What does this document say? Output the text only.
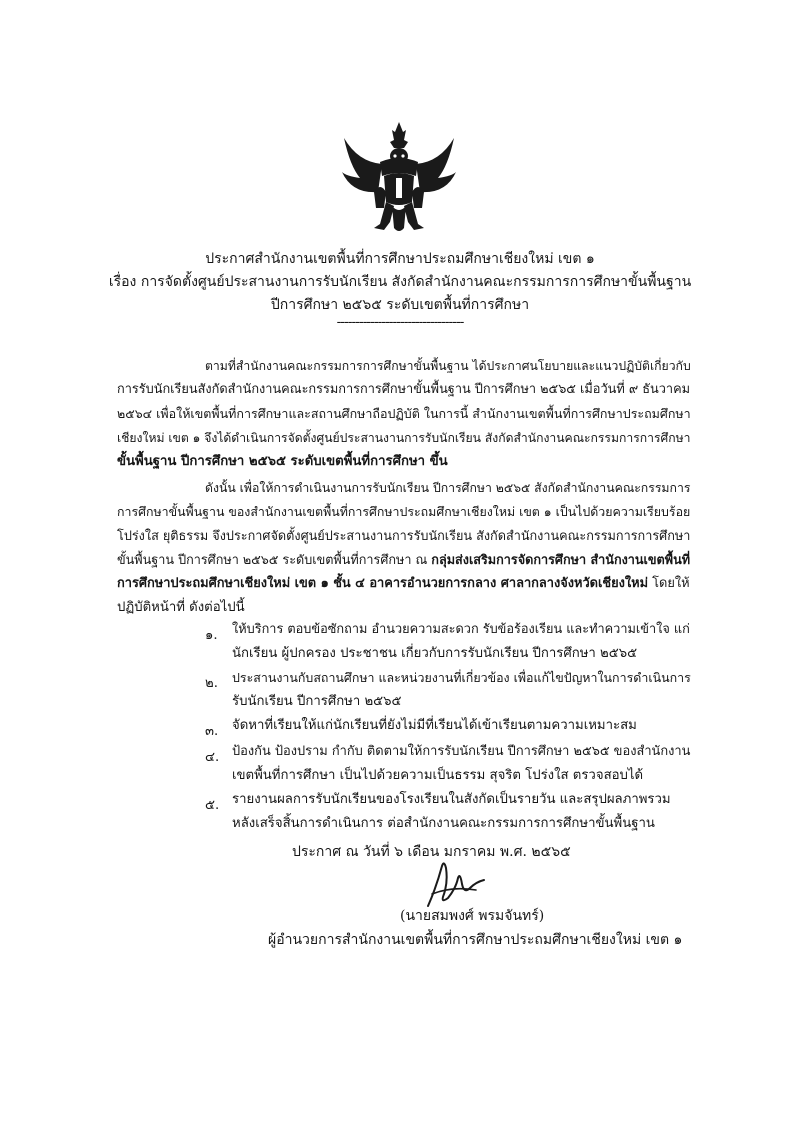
ประกาศสำนักงานเขตพื้นที่การศึกษาประถมศึกษาเชียงใหม่ เขต ๑
เรื่อง การจัดตั้งศูนย์ประสานงานการรับนักเรียน สังกัดสำนักงานคณะกรรมการการศึกษาขั้นพื้นฐาน
ปีการศึกษา ๒๕๖๕ ระดับเขตพื้นที่การศึกษา
----------------------------------
ตามที่สำนักงานคณะกรรมการการศึกษาขั้นพื้นฐาน ได้ประกาศนโยบายและแนวปฏิบัติเกี่ยวกับ
การรับนักเรียนสังกัดสำนักงานคณะกรรมการการศึกษาขั้นพื้นฐาน ปีการศึกษา ๒๕๖๕ เมื่อวันที่ ๙ ธันวาคม
๒๕๖๔ เพื่อให้เขตพื้นที่การศึกษาและสถานศึกษาถือปฏิบัติ ในการนี้ สำนักงานเขตพื้นที่การศึกษาประถมศึกษา
เชียงใหม่ เขต ๑ จึงได้ดำเนินการจัดตั้งศูนย์ประสานงานการรับนักเรียน สังกัดสำนักงานคณะกรรมการการศึกษา
ขั้นพื้นฐาน ปีการศึกษา ๒๕๖๕ ระดับเขตพื้นที่การศึกษา ขึ้น
ดังนั้น เพื่อให้การดำเนินงานการรับนักเรียน ปีการศึกษา ๒๕๖๕ สังกัดสำนักงานคณะกรรมการ
การศึกษาขั้นพื้นฐาน ของสำนักงานเขตพื้นที่การศึกษาประถมศึกษาเชียงใหม่ เขต ๑ เป็นไปด้วยความเรียบร้อย
โปร่งใส ยุติธรรม จึงประกาศจัดตั้งศูนย์ประสานงานการรับนักเรียน สังกัดสำนักงานคณะกรรมการการศึกษา
ขั้นพื้นฐาน ปีการศึกษา ๒๕๖๕ ระดับเขตพื้นที่การศึกษา ณ กลุ่มส่งเสริมการจัดการศึกษา สำนักงานเขตพื้นที่
การศึกษาประถมศึกษาเชียงใหม่ เขต ๑ ชั้น ๔ อาคารอำนวยการกลาง ศาลากลางจังหวัดเชียงใหม่ โดยให้
ปฏิบัติหน้าที่ ดังต่อไปนี้
๑. ให้บริการ ตอบข้อซักถาม อำนวยความสะดวก รับข้อร้องเรียน และทำความเข้าใจ แก่
นักเรียน ผู้ปกครอง ประชาชน เกี่ยวกับการรับนักเรียน ปีการศึกษา ๒๕๖๕
๒. ประสานงานกับสถานศึกษา และหน่วยงานที่เกี่ยวข้อง เพื่อแก้ไขปัญหาในการดำเนินการ
รับนักเรียน ปีการศึกษา ๒๕๖๕
๓. จัดหาที่เรียนให้แก่นักเรียนที่ยังไม่มีที่เรียนได้เข้าเรียนตามความเหมาะสม
๔. ป้องกัน ป้องปราม กำกับ ติดตามให้การรับนักเรียน ปีการศึกษา ๒๕๖๕ ของสำนักงาน
เขตพื้นที่การศึกษา เป็นไปด้วยความเป็นธรรม สุจริต โปร่งใส ตรวจสอบได้
๕. รายงานผลการรับนักเรียนของโรงเรียนในสังกัดเป็นรายวัน และสรุปผลภาพรวม
หลังเสร็จสิ้นการดำเนินการ ต่อสำนักงานคณะกรรมการการศึกษาขั้นพื้นฐาน
ประกาศ ณ วันที่ ๖ เดือน มกราคม พ.ศ. ๒๕๖๕
(นายสมพงศ์ พรมจันทร์)
ผู้อำนวยการสำนักงานเขตพื้นที่การศึกษาประถมศึกษาเชียงใหม่ เขต ๑
